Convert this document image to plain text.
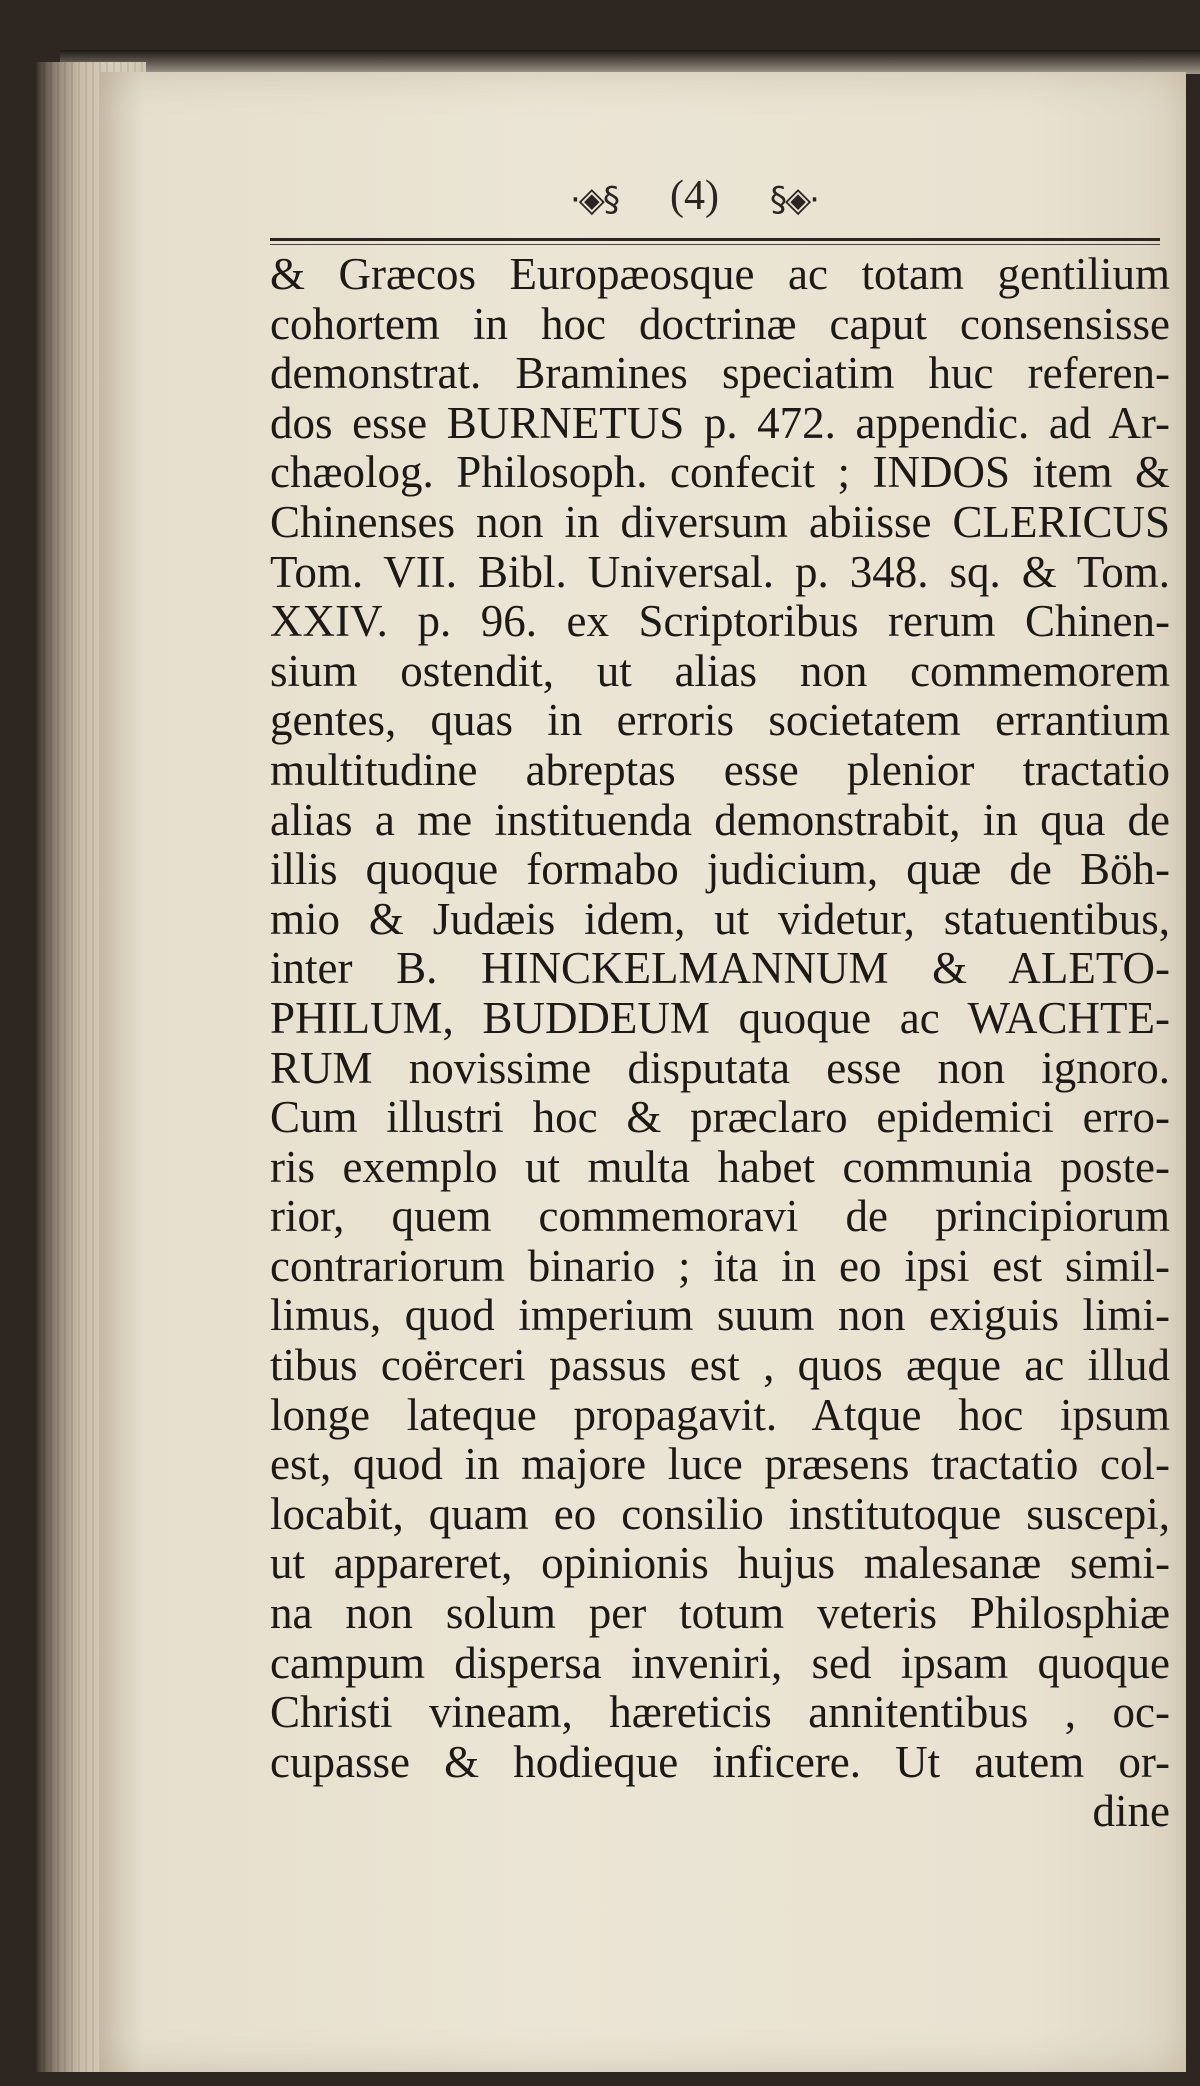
·◈§ (4) §◈·
& Græcos Europæosque ac totam gentilium
cohortem in hoc doctrinæ caput consensisse
demonstrat. Bramines speciatim huc referen-
dos esse BURNETUS p. 472. appendic. ad Ar-
chæolog. Philosoph. confecit ; INDOS item &
Chinenses non in diversum abiisse CLERICUS
Tom. VII. Bibl. Universal. p. 348. sq. & Tom.
XXIV. p. 96. ex Scriptoribus rerum Chinen-
sium ostendit, ut alias non commemorem
gentes, quas in erroris societatem errantium
multitudine abreptas esse plenior tractatio
alias a me instituenda demonstrabit, in qua de
illis quoque formabo judicium, quæ de Böh-
mio & Judæis idem, ut videtur, statuentibus,
inter B. HINCKELMANNUM & ALETO-
PHILUM, BUDDEUM quoque ac WACHTE-
RUM novissime disputata esse non ignoro.
Cum illustri hoc & præclaro epidemici erro-
ris exemplo ut multa habet communia poste-
rior, quem commemoravi de principiorum
contrariorum binario ; ita in eo ipsi est simil-
limus, quod imperium suum non exiguis limi-
tibus coërceri passus est , quos æque ac illud
longe lateque propagavit. Atque hoc ipsum
est, quod in majore luce præsens tractatio col-
locabit, quam eo consilio institutoque suscepi,
ut appareret, opinionis hujus malesanæ semi-
na non solum per totum veteris Philosphiæ
campum dispersa inveniri, sed ipsam quoque
Christi vineam, hæreticis annitentibus , oc-
cupasse & hodieque inficere. Ut autem or-
dine
